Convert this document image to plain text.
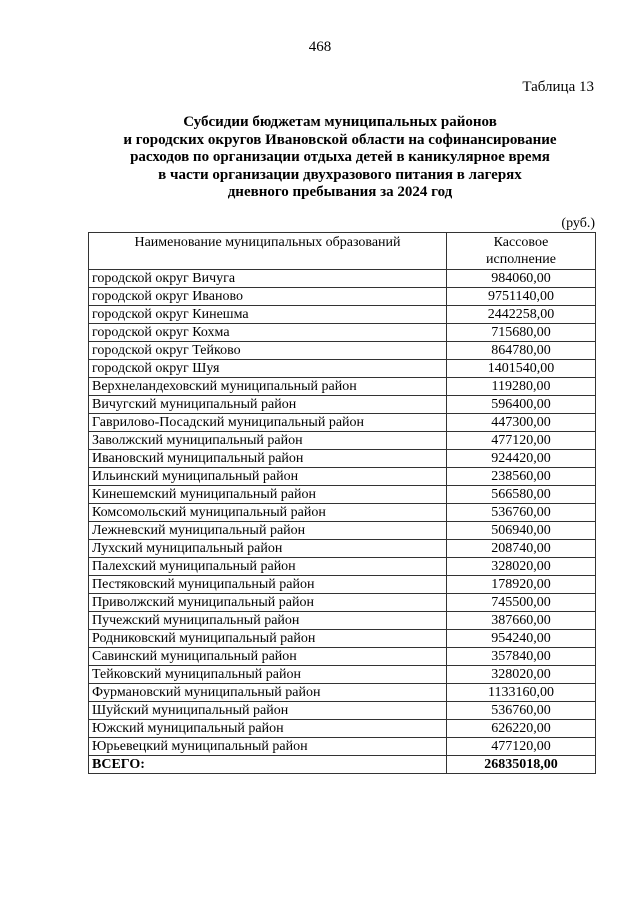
468
Таблица 13
Субсидии бюджетам муниципальных районов
и городских округов Ивановской области на софинансирование
расходов по организации отдыха детей в каникулярное время
в части организации двухразового питания в лагерях
дневного пребывания за 2024 год
(руб.)
Наименование муниципальных образований	Кассовое
исполнение

городской округ Вичуга	984060,00
городской округ Иваново	9751140,00
городской округ Кинешма	2442258,00
городской округ Кохма	715680,00
городской округ Тейково	864780,00
городской округ Шуя	1401540,00
Верхнеландеховский муниципальный район	119280,00
Вичугский муниципальный район	596400,00
Гаврилово-Посадский муниципальный район	447300,00
Заволжский муниципальный район	477120,00
Ивановский муниципальный район	924420,00
Ильинский муниципальный район	238560,00
Кинешемский муниципальный район	566580,00
Комсомольский муниципальный район	536760,00
Лежневский муниципальный район	506940,00
Лухский муниципальный район	208740,00
Палехский муниципальный район	328020,00
Пестяковский муниципальный район	178920,00
Приволжский муниципальный район	745500,00
Пучежский муниципальный район	387660,00
Родниковский муниципальный район	954240,00
Савинский муниципальный район	357840,00
Тейковский муниципальный район	328020,00
Фурмановский муниципальный район	1133160,00
Шуйский муниципальный район	536760,00
Южский муниципальный район	626220,00
Юрьевецкий муниципальный район	477120,00
ВСЕГО:	26835018,00
